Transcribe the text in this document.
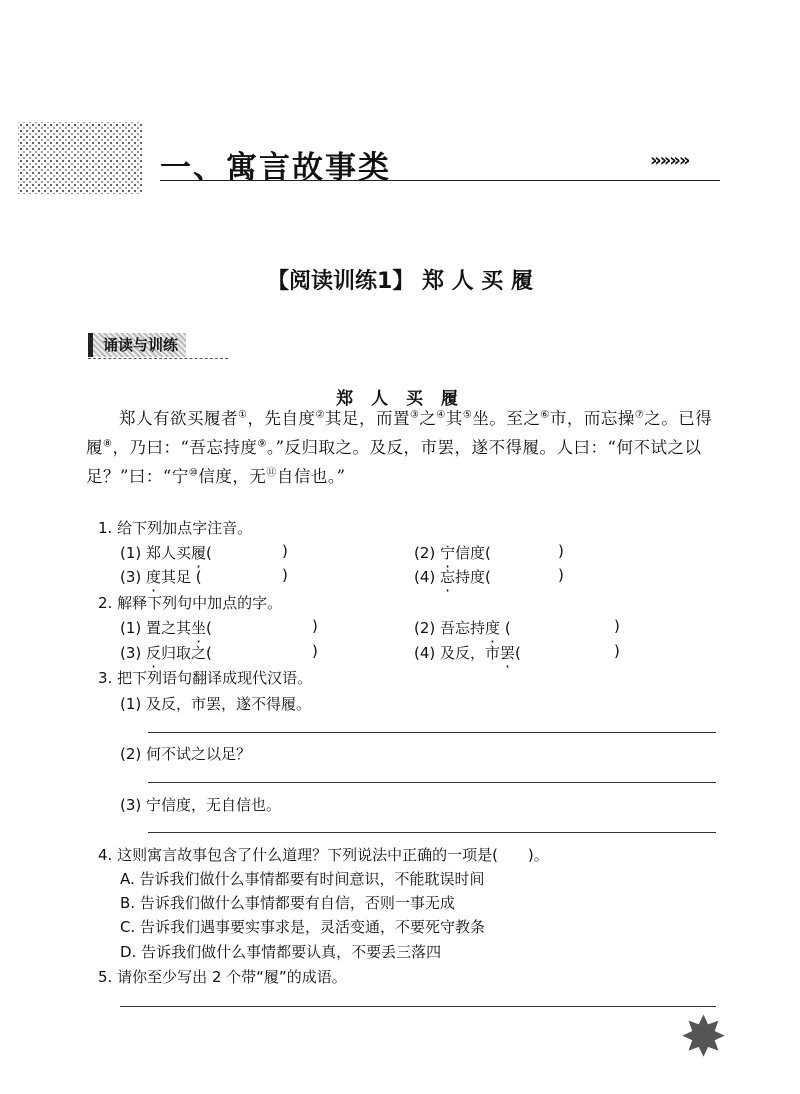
一、寓言故事类	»»»»
【阅读训练1】 郑 人 买 履
诵读与训练
郑 人 买 履
郑人有欲买履者①，先自度②其足，而置③之④其⑤坐。至之⑥市，而忘操⑦之。已得履⑧，乃曰：“吾忘持度⑨。”反归取之。及反，市罢，遂不得履。人曰：“何不试之以足？”曰：“宁⑩信度，无⑪自信也。”
1. 给下列加点字注音。
(1) 郑人买履(	)	(2) 宁信度(	)
(3) 度其足 (	)	(4) 忘持度(	)
2. 解释下列句中加点的字。
(1) 置之其坐(	)	(2) 吾忘持度 (	)
(3) 反归取之(	)	(4) 及反，市罢(	)
3. 把下列语句翻译成现代汉语。
(1) 及反，市罢，遂不得履。
(2) 何不试之以足？
(3) 宁信度，无自信也。
4. 这则寓言故事包含了什么道理？下列说法中正确的一项是(　　)。
A. 告诉我们做什么事情都要有时间意识，不能耽误时间
B. 告诉我们做什么事情都要有自信，否则一事无成
C. 告诉我们遇事要实事求是，灵活变通，不要死守教条
D. 告诉我们做什么事情都要认真，不要丢三落四
5. 请你至少写出 2 个带“履”的成语。
✸
